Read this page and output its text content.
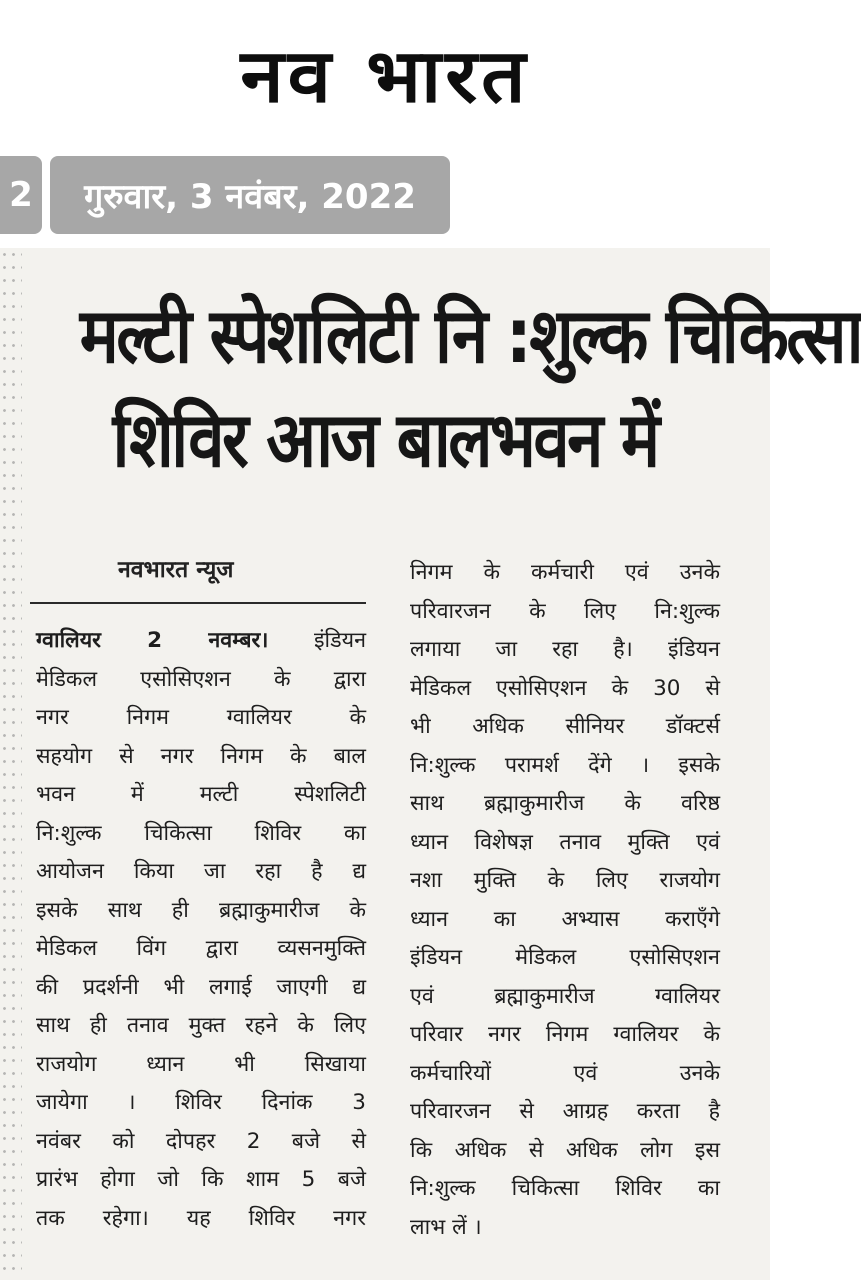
नव भारत
2	गुरुवार, 3 नवंबर, 2022
मल्टी स्पेशलिटी नि :शुल्क चिकित्सा
शिविर आज बालभवन में
नवभारत न्यूज
ग्वालियर 2 नवम्बर। इंडियन
मेडिकल एसोसिएशन के द्वारा
नगर निगम ग्वालियर के
सहयोग से नगर निगम के बाल
भवन में मल्टी स्पेशलिटी
नि:शुल्क चिकित्सा शिविर का
आयोजन किया जा रहा है द्य
इसके साथ ही ब्रह्माकुमारीज के
मेडिकल विंग द्वारा व्यसनमुक्ति
की प्रदर्शनी भी लगाई जाएगी द्य
साथ ही तनाव मुक्त रहने के लिए
राजयोग ध्यान भी सिखाया
जायेगा । शिविर दिनांक 3
नवंबर को दोपहर 2 बजे से
प्रारंभ होगा जो कि शाम 5 बजे
तक रहेगा। यह शिविर नगर
निगम के कर्मचारी एवं उनके
परिवारजन के लिए नि:शुल्क
लगाया जा रहा है। इंडियन
मेडिकल एसोसिएशन के 30 से
भी अधिक सीनियर डॉक्टर्स
नि:शुल्क परामर्श देंगे । इसके
साथ ब्रह्माकुमारीज के वरिष्ठ
ध्यान विशेषज्ञ तनाव मुक्ति एवं
नशा मुक्ति के लिए राजयोग
ध्यान का अभ्यास कराएँगे
इंडियन मेडिकल एसोसिएशन
एवं ब्रह्माकुमारीज ग्वालियर
परिवार नगर निगम ग्वालियर के
कर्मचारियों एवं उनके
परिवारजन से आग्रह करता है
कि अधिक से अधिक लोग इस
नि:शुल्क चिकित्सा शिविर का
लाभ लें ।
